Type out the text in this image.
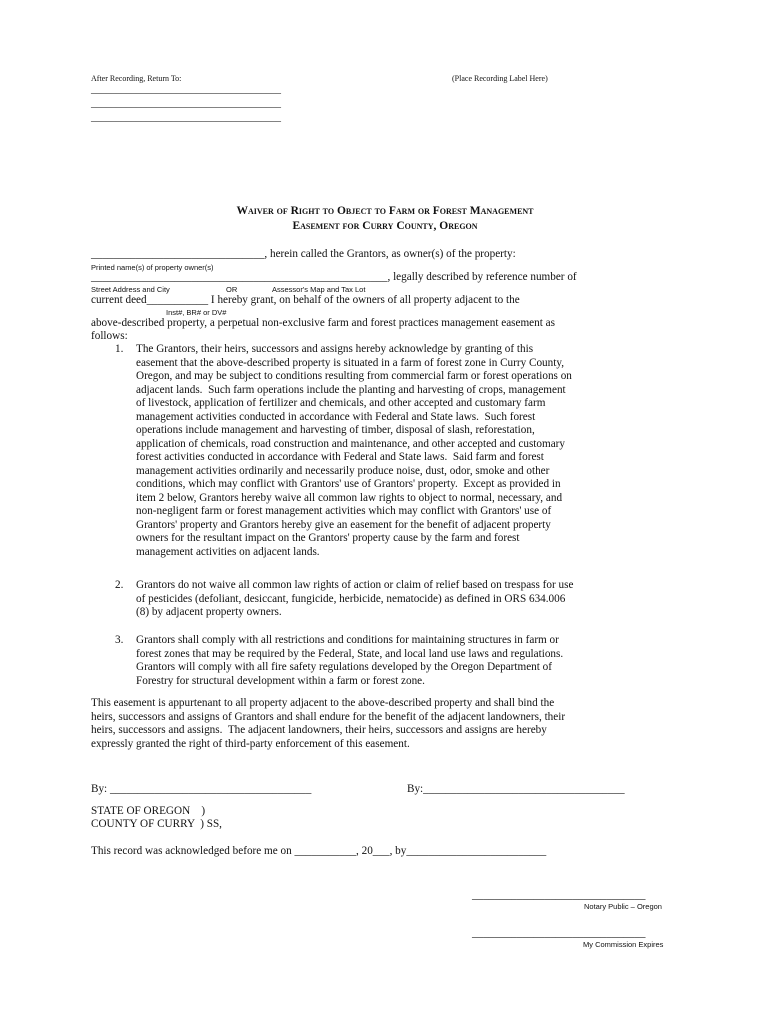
After Recording, Return To:	(Place Recording Label Here)
______________________________________
______________________________________
______________________________________
Waiver of Right to Object to Farm or Forest Management
Easement for Curry County, Oregon
_______________________________, herein called the Grantors, as owner(s) of the property:
Printed name(s) of property owner(s)
_____________________________________________________, legally described by reference number of
Street Address and City	OR	Assessor's Map and Tax Lot
current deed___________ I hereby grant, on behalf of the owners of all property adjacent to the
Inst#, BR# or DV#
above-described property, a perpetual non-exclusive farm and forest practices management easement as
follows:
1. The Grantors, their heirs, successors and assigns hereby acknowledge by granting of this
easement that the above-described property is situated in a farm of forest zone in Curry County,
Oregon, and may be subject to conditions resulting from commercial farm or forest operations on
adjacent lands.  Such farm operations include the planting and harvesting of crops, management
of livestock, application of fertilizer and chemicals, and other accepted and customary farm
management activities conducted in accordance with Federal and State laws.  Such forest
operations include management and harvesting of timber, disposal of slash, reforestation,
application of chemicals, road construction and maintenance, and other accepted and customary
forest activities conducted in accordance with Federal and State laws.  Said farm and forest
management activities ordinarily and necessarily produce noise, dust, odor, smoke and other
conditions, which may conflict with Grantors' use of Grantors' property.  Except as provided in
item 2 below, Grantors hereby waive all common law rights to object to normal, necessary, and
non-negligent farm or forest management activities which may conflict with Grantors' use of
Grantors' property and Grantors hereby give an easement for the benefit of adjacent property
owners for the resultant impact on the Grantors' property cause by the farm and forest
management activities on adjacent lands.
2. Grantors do not waive all common law rights of action or claim of relief based on trespass for use
of pesticides (defoliant, desiccant, fungicide, herbicide, nematocide) as defined in ORS 634.006
(8) by adjacent property owners.
3. Grantors shall comply with all restrictions and conditions for maintaining structures in farm or
forest zones that may be required by the Federal, State, and local land use laws and regulations.
Grantors will comply with all fire safety regulations developed by the Oregon Department of
Forestry for structural development within a farm or forest zone.
This easement is appurtenant to all property adjacent to the above-described property and shall bind the
heirs, successors and assigns of Grantors and shall endure for the benefit of the adjacent landowners, their
heirs, successors and assigns.  The adjacent landowners, their heirs, successors and assigns are hereby
expressly granted the right of third-party enforcement of this easement.
By: ____________________________________	By:____________________________________
STATE OF OREGON    )
COUNTY OF CURRY  ) SS,
This record was acknowledged before me on ___________, 20___, by_________________________
_______________________________
Notary Public – Oregon
_______________________________
My Commission Expires
